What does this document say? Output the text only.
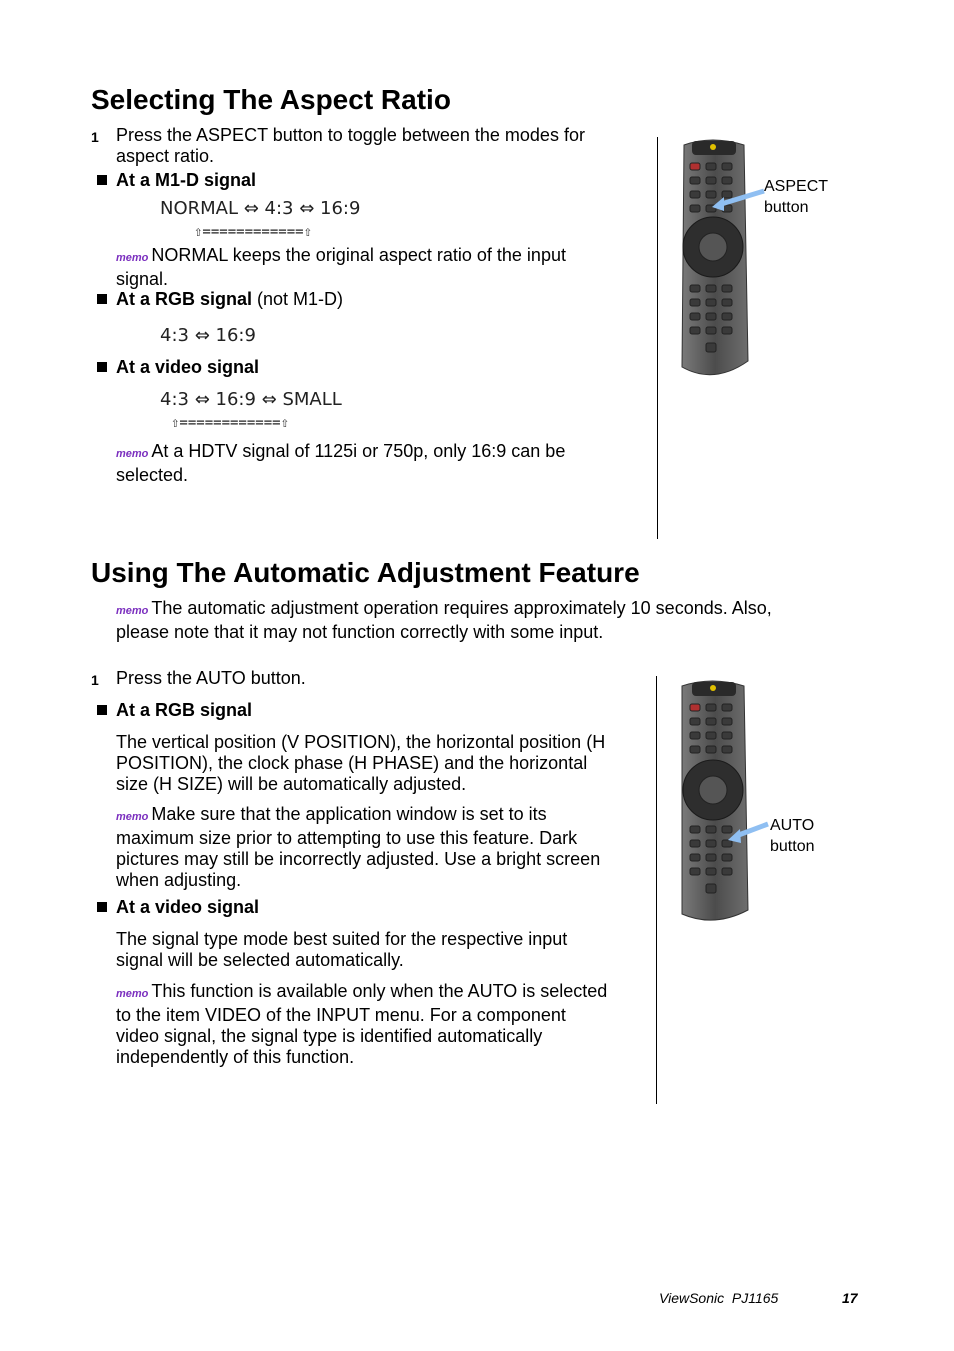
Selecting The Aspect Ratio
1 Press the ASPECT button to toggle between the modes for
aspect ratio.
At a M1-D signal
NORMAL ⇔ 4:3 ⇔ 16:9
⇧============⇧
memo NORMAL keeps the original aspect ratio of the input
signal.
At a RGB signal (not M1-D)
4:3 ⇔ 16:9
At a video signal
4:3 ⇔ 16:9 ⇔ SMALL
⇧============⇧
memo At a HDTV signal of 1125i or 750p, only 16:9 can be
selected.
ASPECT
button
Using The Automatic Adjustment Feature
memo The automatic adjustment operation requires approximately 10 seconds. Also,
please note that it may not function correctly with some input.
1 Press the AUTO button.
At a RGB signal
The vertical position (V POSITION), the horizontal position (H
POSITION), the clock phase (H PHASE) and the horizontal
size (H SIZE) will be automatically adjusted.
memo Make sure that the application window is set to its
maximum size prior to attempting to use this feature. Dark
pictures may still be incorrectly adjusted. Use a bright screen
when adjusting.
At a video signal
The signal type mode best suited for the respective input
signal will be selected automatically.
memo This function is available only when the AUTO is selected
to the item VIDEO of the INPUT menu. For a component
video signal, the signal type is identified automatically
independently of this function.
AUTO
button
ViewSonic  PJ1165	17
